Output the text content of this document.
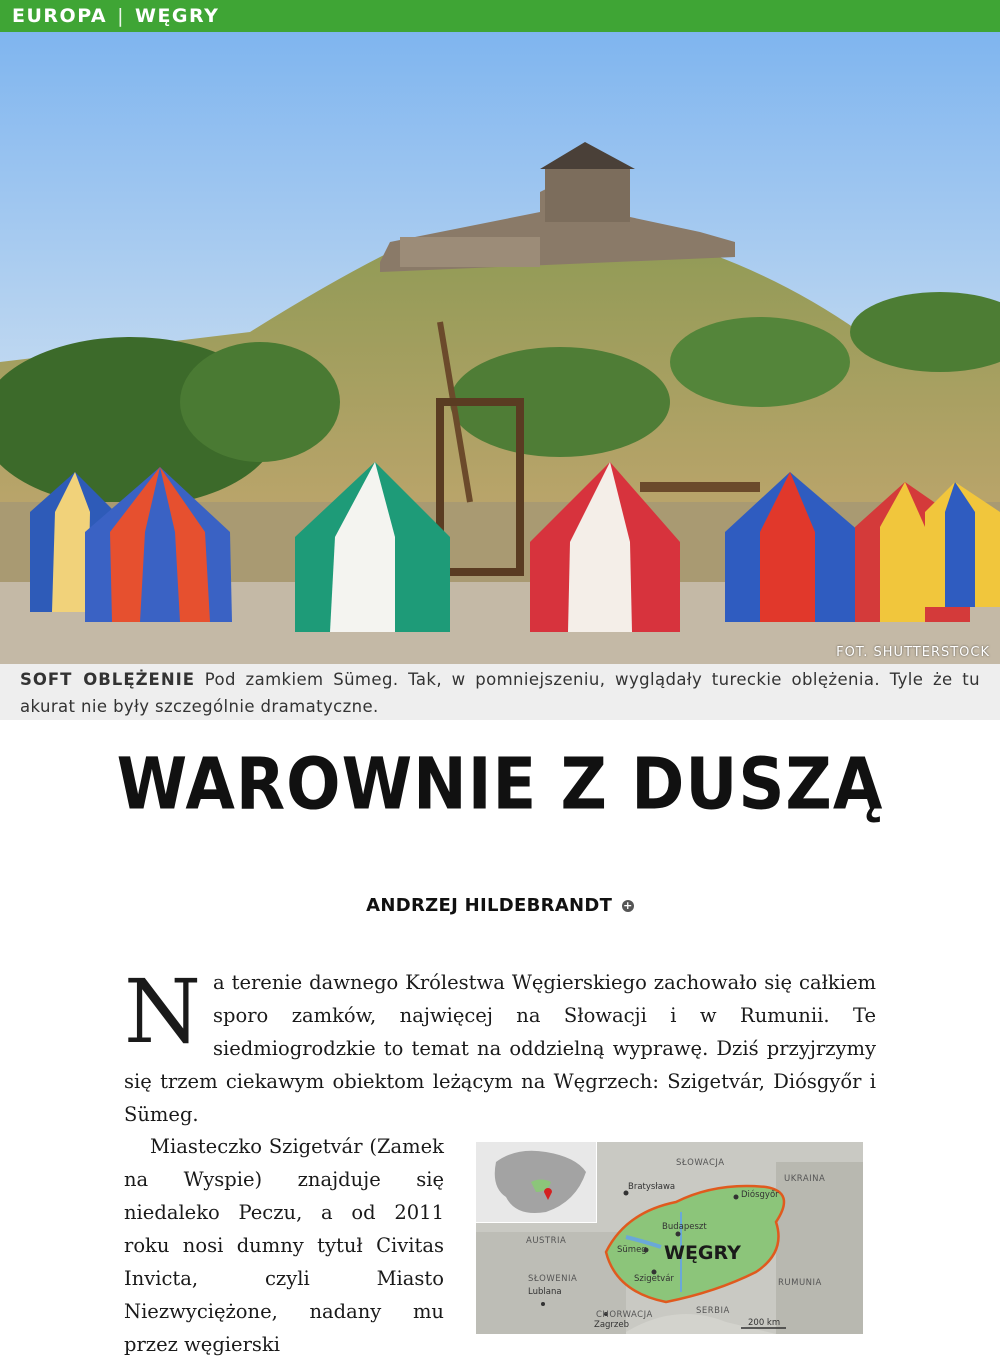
EUROPA | WĘGRY
FOT. SHUTTERSTOCK
SOFT OBLĘŻENIE Pod zamkiem Sümeg. Tak, w pomniejszeniu, wyglądały tureckie oblężenia. Tyle że tu akurat nie były szczególnie dramatyczne.
WAROWNIE Z DUSZĄ
ANDRZEJ HILDEBRANDT +
N a terenie dawnego Królestwa Węgierskiego zachowało się całkiem sporo zamków, najwięcej na Słowacji i w Rumunii. Te siedmiogrodzkie to temat na oddzielną wyprawę. Dziś przyjrzymy się trzem ciekawym obiektom leżącym na Węgrzech: Szigetvár, Diósgyőr i Sümeg.
Miasteczko Szigetvár (Zamek na Wyspie) znajduje się niedaleko Peczu, a od 2011 roku nosi dumny tytuł Civitas Invicta, czyli Miasto Niezwyciężone, nadany mu przez węgierski
SŁOWACJA
UKRAINA
AUSTRIA
SŁOWENIA	RUMUNIA
CHORWACJA	SERBIA
Bratysława
Diósgyőr
Budapeszt
Sümeg
Szigetvár
Lublana
Zagrzeb
WĘGRY
200 km
